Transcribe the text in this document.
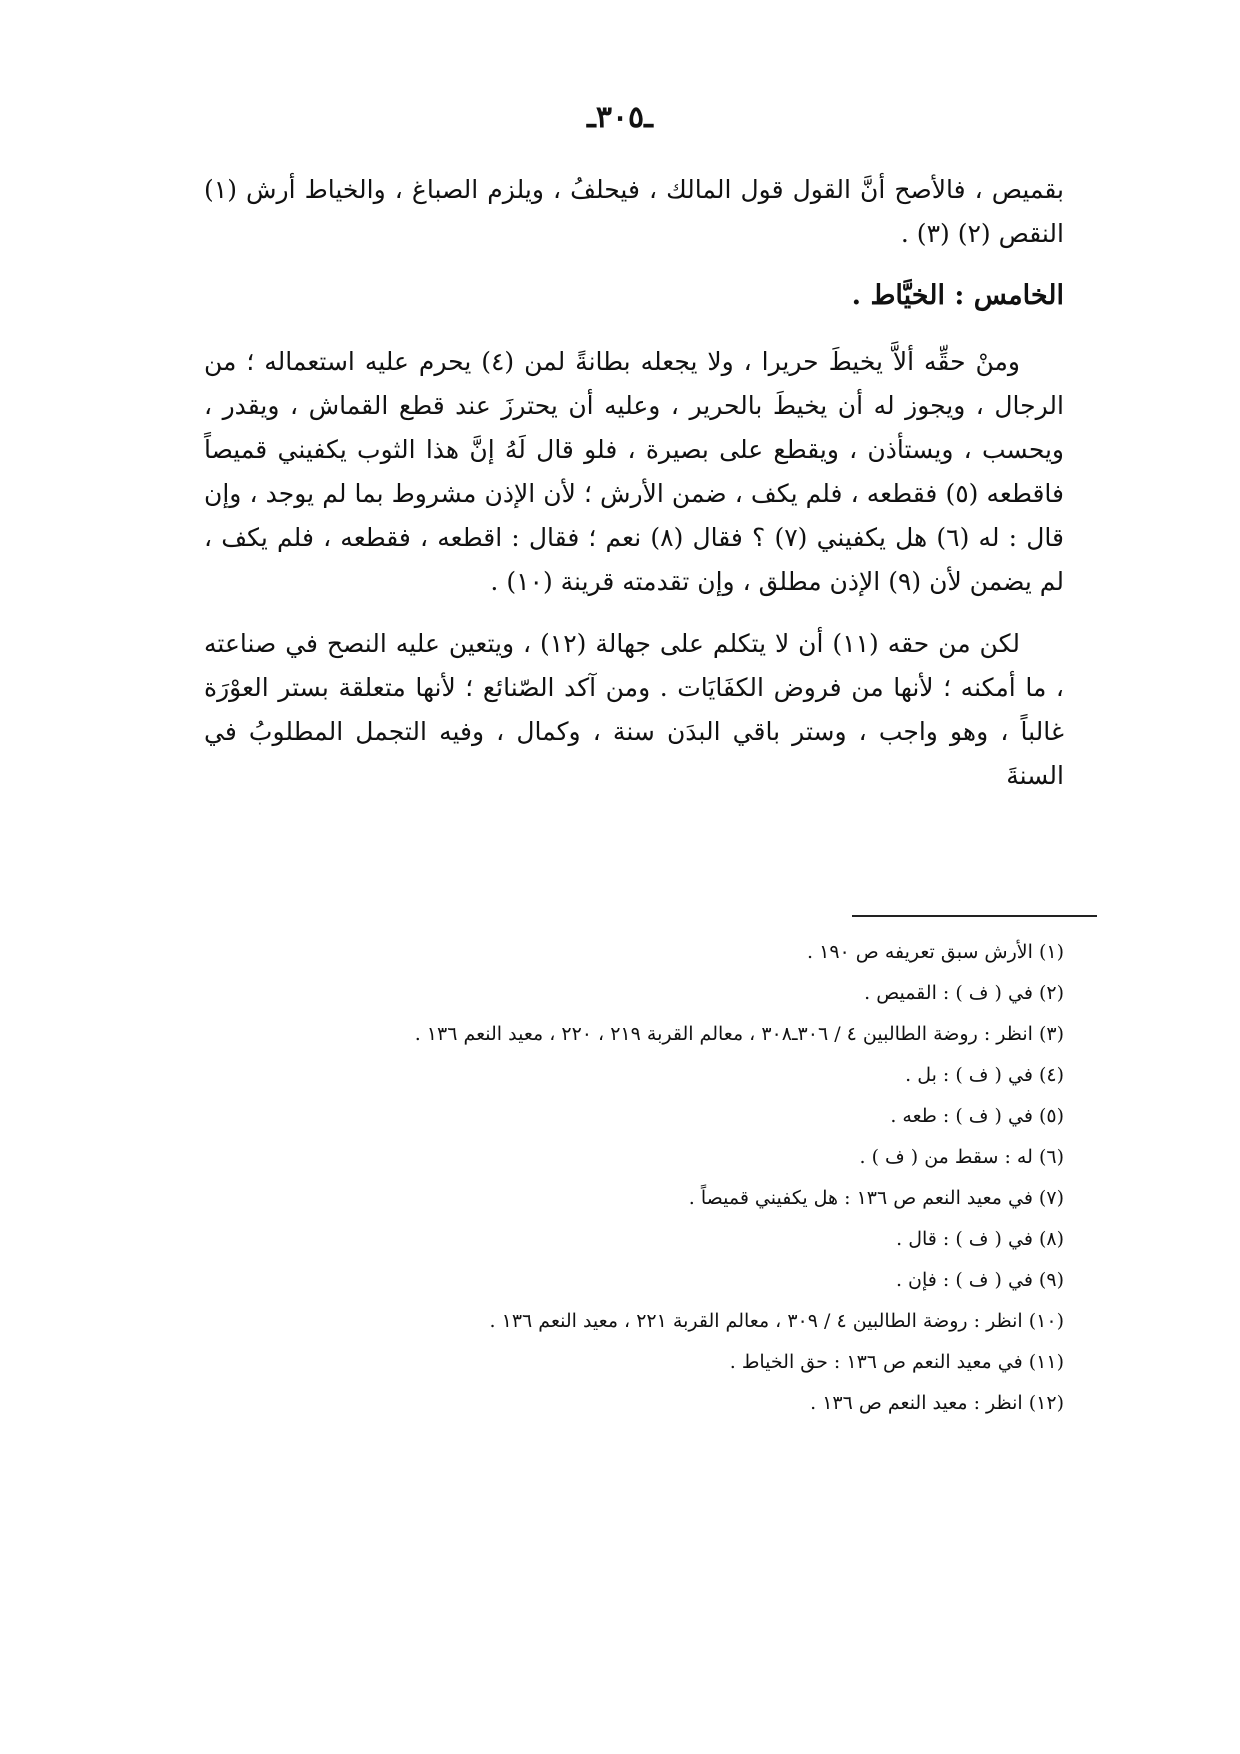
ـ٣٠٥ـ

بقميص ، فالأصح أنَّ القول قول المالك ، فيحلفُ ، ويلزم الصباغ ، والخياط أرش (١) النقص (٢) (٣) .

الخامس : الخيَّاط .

ومنْ حقِّه ألاَّ يخيطَ حريرا ، ولا يجعله بطانةً لمن (٤) يحرم عليه استعماله ؛ من الرجال ، ويجوز له أن يخيطَ بالحرير ، وعليه أن يحترزَ عند قطع القماش ، ويقدر ، ويحسب ، ويستأذن ، ويقطع على بصيرة ، فلو قال لَهُ إنَّ هذا الثوب يكفيني قميصاً فاقطعه (٥) فقطعه ، فلم يكف ، ضمن الأرش ؛ لأن الإذن مشروط بما لم يوجد ، وإن قال : له (٦) هل يكفيني (٧) ؟ فقال (٨) نعم ؛ فقال : اقطعه ، فقطعه ، فلم يكف ، لم يضمن لأن (٩) الإذن مطلق ، وإن تقدمته قرينة (١٠) .

لكن من حقه (١١) أن لا يتكلم على جهالة (١٢) ، ويتعين عليه النصح في صناعته ، ما أمكنه ؛ لأنها من فروض الكفَايَات . ومن آكد الصّنائع ؛ لأنها متعلقة بستر العوْرَة غالباً ، وهو واجب ، وستر باقي البدَن سنة ، وكمال ، وفيه التجمل المطلوبُ في السنةَ

(١) الأرش سبق تعريفه ص ١٩٠ .
(٢) في ( ف ) : القميص .
(٣) انظر : روضة الطالبين ٤ / ٣٠٦ـ٣٠٨ ، معالم القربة ٢١٩ ، ٢٢٠ ، معيد النعم ١٣٦ .
(٤) في ( ف ) : بل .
(٥) في ( ف ) : طعه .
(٦) له : سقط من ( ف ) .
(٧) في معيد النعم ص ١٣٦ : هل يكفيني قميصاً .
(٨) في ( ف ) : قال .
(٩) في ( ف ) : فإن .
(١٠) انظر : روضة الطالبين ٤ / ٣٠٩ ، معالم القربة ٢٢١ ، معيد النعم ١٣٦ .
(١١) في معيد النعم ص ١٣٦ : حق الخياط .
(١٢) انظر : معيد النعم ص ١٣٦ .
